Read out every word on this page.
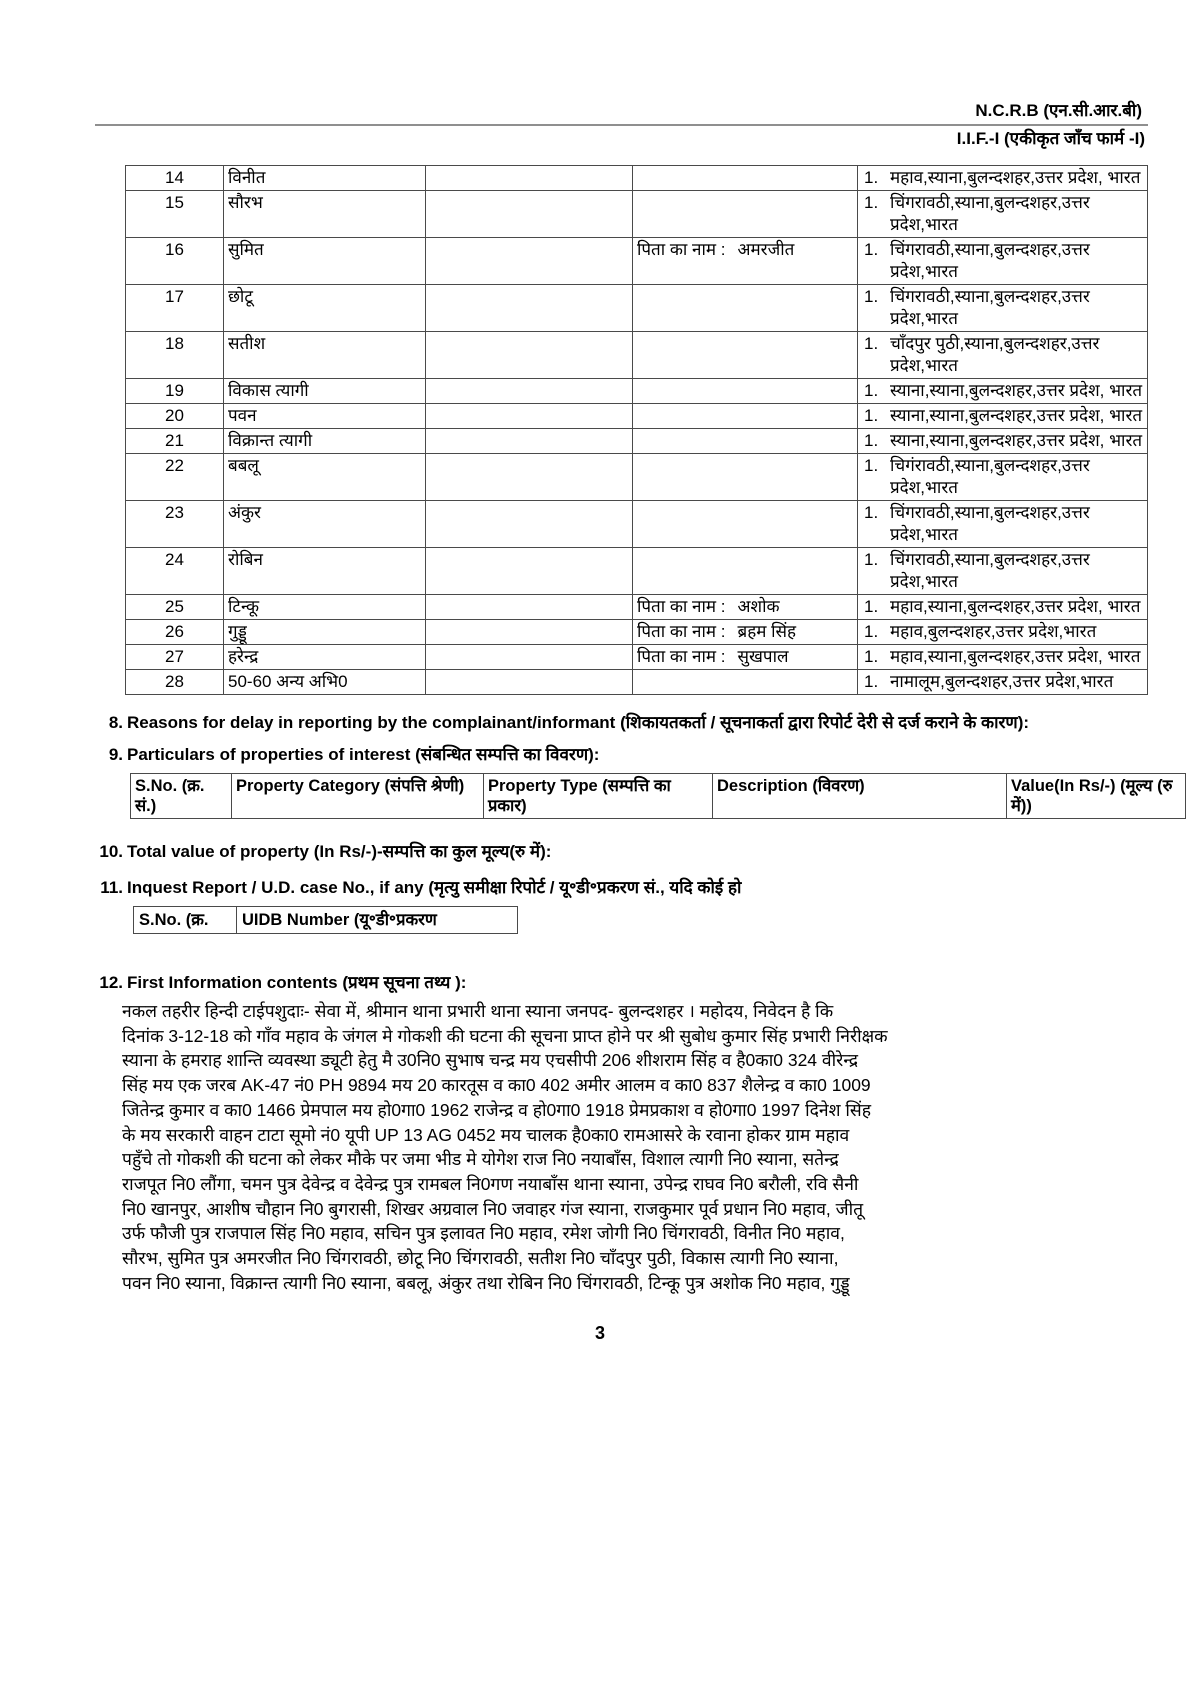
N.C.R.B (एन.सी.आर.बी)
I.I.F.-I (एकीकृत जाँच फार्म -I)
14	विनीत			1. महाव,स्याना,बुलन्दशहर,उत्तर प्रदेश, भारत

15	सौरभ			1. चिंगरावठी,स्याना,बुलन्दशहर,उत्तर प्रदेश,भारत

16	सुमित		पिता का नाम : अमरजीत	1. चिंगरावठी,स्याना,बुलन्दशहर,उत्तर प्रदेश,भारत

17	छोटू			1. चिंगरावठी,स्याना,बुलन्दशहर,उत्तर प्रदेश,भारत

18	सतीश			1. चाँदपुर पुठी,स्याना,बुलन्दशहर,उत्तर प्रदेश,भारत

19	विकास त्यागी			1. स्याना,स्याना,बुलन्दशहर,उत्तर प्रदेश, भारत

20	पवन			1. स्याना,स्याना,बुलन्दशहर,उत्तर प्रदेश, भारत

21	विक्रान्त त्यागी			1. स्याना,स्याना,बुलन्दशहर,उत्तर प्रदेश, भारत

22	बबलू			1. चिगंरावठी,स्याना,बुलन्दशहर,उत्तर प्रदेश,भारत

23	अंकुर			1. चिंगरावठी,स्याना,बुलन्दशहर,उत्तर प्रदेश,भारत

24	रोबिन			1. चिंगरावठी,स्याना,बुलन्दशहर,उत्तर प्रदेश,भारत

25	टिन्कू		पिता का नाम : अशोक	1. महाव,स्याना,बुलन्दशहर,उत्तर प्रदेश, भारत

26	गुड्डू		पिता का नाम : ब्रहम सिंह	1. महाव,बुलन्दशहर,उत्तर प्रदेश,भारत

27	हरेन्द्र		पिता का नाम : सुखपाल	1. महाव,स्याना,बुलन्दशहर,उत्तर प्रदेश, भारत

28	50-60 अन्य अभि0			1. नामालूम,बुलन्दशहर,उत्तर प्रदेश,भारत
8. Reasons for delay in reporting by the complainant/informant (शिकायतकर्ता / सूचनाकर्ता द्वारा रिपोर्ट देरी से दर्ज कराने के कारण):
9. Particulars of properties of interest (संबन्धित सम्पत्ति का विवरण):
S.No. (क्र. सं.)	Property Category (संपत्ति श्रेणी)	Property Type (सम्पत्ति का प्रकार)	Description (विवरण)	Value(In Rs/-) (मूल्य (रु में))
10. Total value of property (In Rs/-)-सम्पत्ति का कुल मूल्य(रु में):
11. Inquest Report / U.D. case No., if any (मृत्यु समीक्षा रिपोर्ट / यू॰डी॰प्रकरण सं., यदि कोई हो
S.No. (क्र.	UIDB Number (यू॰डी॰प्रकरण
12. First Information contents (प्रथम सूचना तथ्य ):
नकल तहरीर हिन्दी टाईपशुदाः- सेवा में, श्रीमान थाना प्रभारी थाना स्याना जनपद- बुलन्दशहर । महोदय, निवेदन है कि
दिनांक 3-12-18 को गाँव महाव के जंगल मे गोकशी की घटना की सूचना प्राप्त होने पर श्री सुबोध कुमार सिंह प्रभारी निरीक्षक
स्याना के हमराह शान्ति व्यवस्था ड्यूटी हेतु मै उ0नि0 सुभाष चन्द्र मय एचसीपी 206 शीशराम सिंह व है0का0 324 वीरेन्द्र
सिंह मय एक जरब AK-47 नं0 PH 9894 मय 20 कारतूस व का0 402 अमीर आलम व का0 837 शैलेन्द्र व का0 1009
जितेन्द्र कुमार व का0 1466 प्रेमपाल मय हो0गा0 1962 राजेन्द्र व हो0गा0 1918 प्रेमप्रकाश व हो0गा0 1997 दिनेश सिंह
के मय सरकारी वाहन टाटा सूमो नं0 यूपी UP 13 AG 0452 मय चालक है0का0 रामआसरे के रवाना होकर ग्राम महाव
पहुँचे तो गोकशी की घटना को लेकर मौके पर जमा भीड मे योगेश राज नि0 नयाबाँस, विशाल त्यागी नि0 स्याना, सतेन्द्र
राजपूत नि0 लौंगा, चमन पुत्र देवेन्द्र व देवेन्द्र पुत्र रामबल नि0गण नयाबाँस थाना स्याना, उपेन्द्र राघव नि0 बरौली, रवि सैनी
नि0 खानपुर, आशीष चौहान नि0 बुगरासी, शिखर अग्रवाल नि0 जवाहर गंज स्याना, राजकुमार पूर्व प्रधान नि0 महाव, जीतू
उर्फ फौजी पुत्र राजपाल सिंह नि0 महाव, सचिन पुत्र इलावत नि0 महाव, रमेश जोगी नि0 चिंगरावठी, विनीत नि0 महाव,
सौरभ, सुमित पुत्र अमरजीत नि0 चिंगरावठी, छोटू नि0 चिंगरावठी, सतीश नि0 चाँदपुर पुठी, विकास त्यागी नि0 स्याना,
पवन नि0 स्याना, विक्रान्त त्यागी नि0 स्याना, बबलू, अंकुर तथा रोबिन नि0 चिंगरावठी, टिन्कू पुत्र अशोक नि0 महाव, गुड्डू
3
